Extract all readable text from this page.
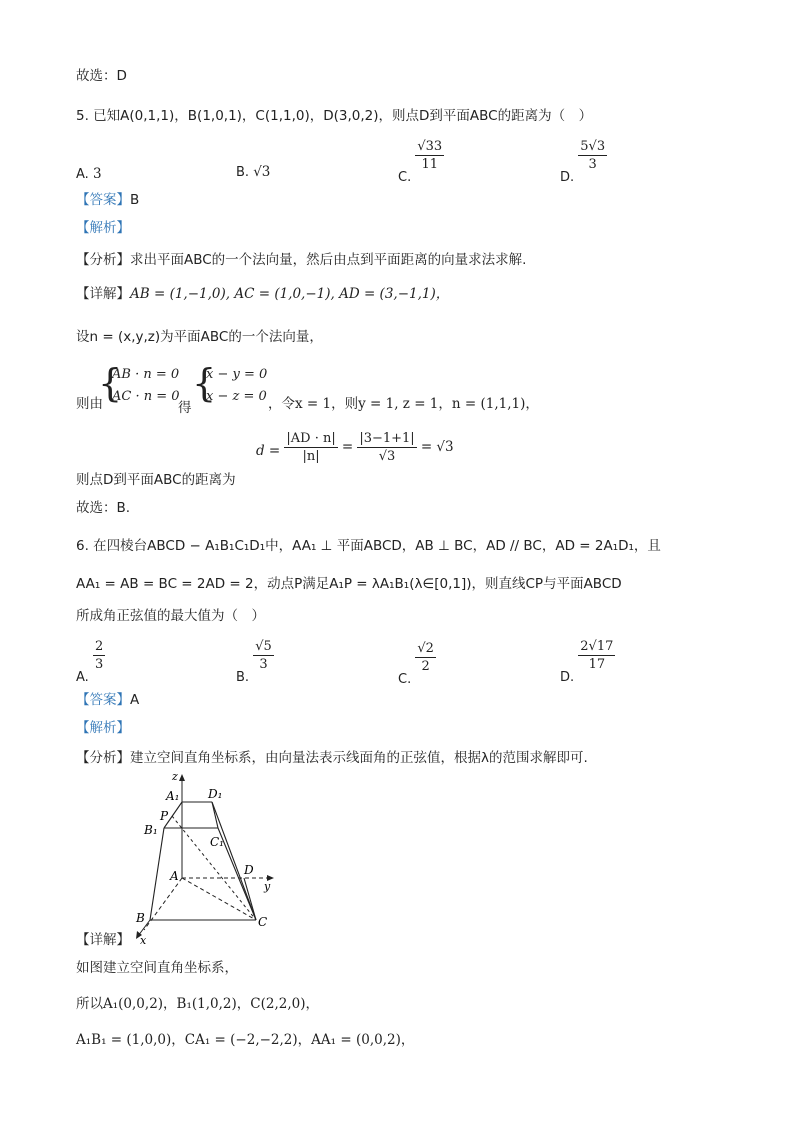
故选：D
5. 已知A(0,1,1)，B(1,0,1)，C(1,1,0)，D(3,0,2)，则点D到平面ABC的距离为（　）
A. 3	B. √3	C.
$\frac{√33}{11}$
D.
$\frac{5√3}{3}$
【答案】B
【解析】
【分析】求出平面ABC的一个法向量，然后由点到平面距离的向量求法求解.
【详解】AB = (1,−1,0), AC = (1,0,−1), AD = (3,−1,1)，
设n = (x,y,z)为平面ABC的一个法向量，
则由
{
AB · n = 0
AC · n = 0
得
{
x − y = 0
x − z = 0 ，令x = 1，则y = 1, z = 1，n = (1,1,1)，
则点D到平面ABC的距离为
$d = \frac{|AD \cdot n|}{|n|} = \frac{|3-1+1|}{√3} = √3$
故选：B.
6. 在四棱台ABCD − A₁B₁C₁D₁中，AA₁ ⊥ 平面ABCD，AB ⊥ BC，AD // BC，AD = 2A₁D₁，且
AA₁ = AB = BC = 2AD = 2，动点P满足A₁P = λA₁B₁(λ∈[0,1])，则直线CP与平面ABCD
所成角正弦值的最大值为（　）
A.
$\frac{2}{3}$
B.
$\frac{√5}{3}$
C.
$\frac{√2}{2}$
D.
$\frac{2√17}{17}$
【答案】A
【解析】
【分析】建立空间直角坐标系，由向量法表示线面角的正弦值，根据λ的范围求解即可.
z
A₁ D₁
B₁
P
C₁
D
y
A
B	C
x
【详解】
如图建立空间直角坐标系，
所以A₁(0,0,2)，B₁(1,0,2)，C(2,2,0)，
A₁B₁ = (1,0,0)，CA₁ = (−2,−2,2)，AA₁ = (0,0,2)，
